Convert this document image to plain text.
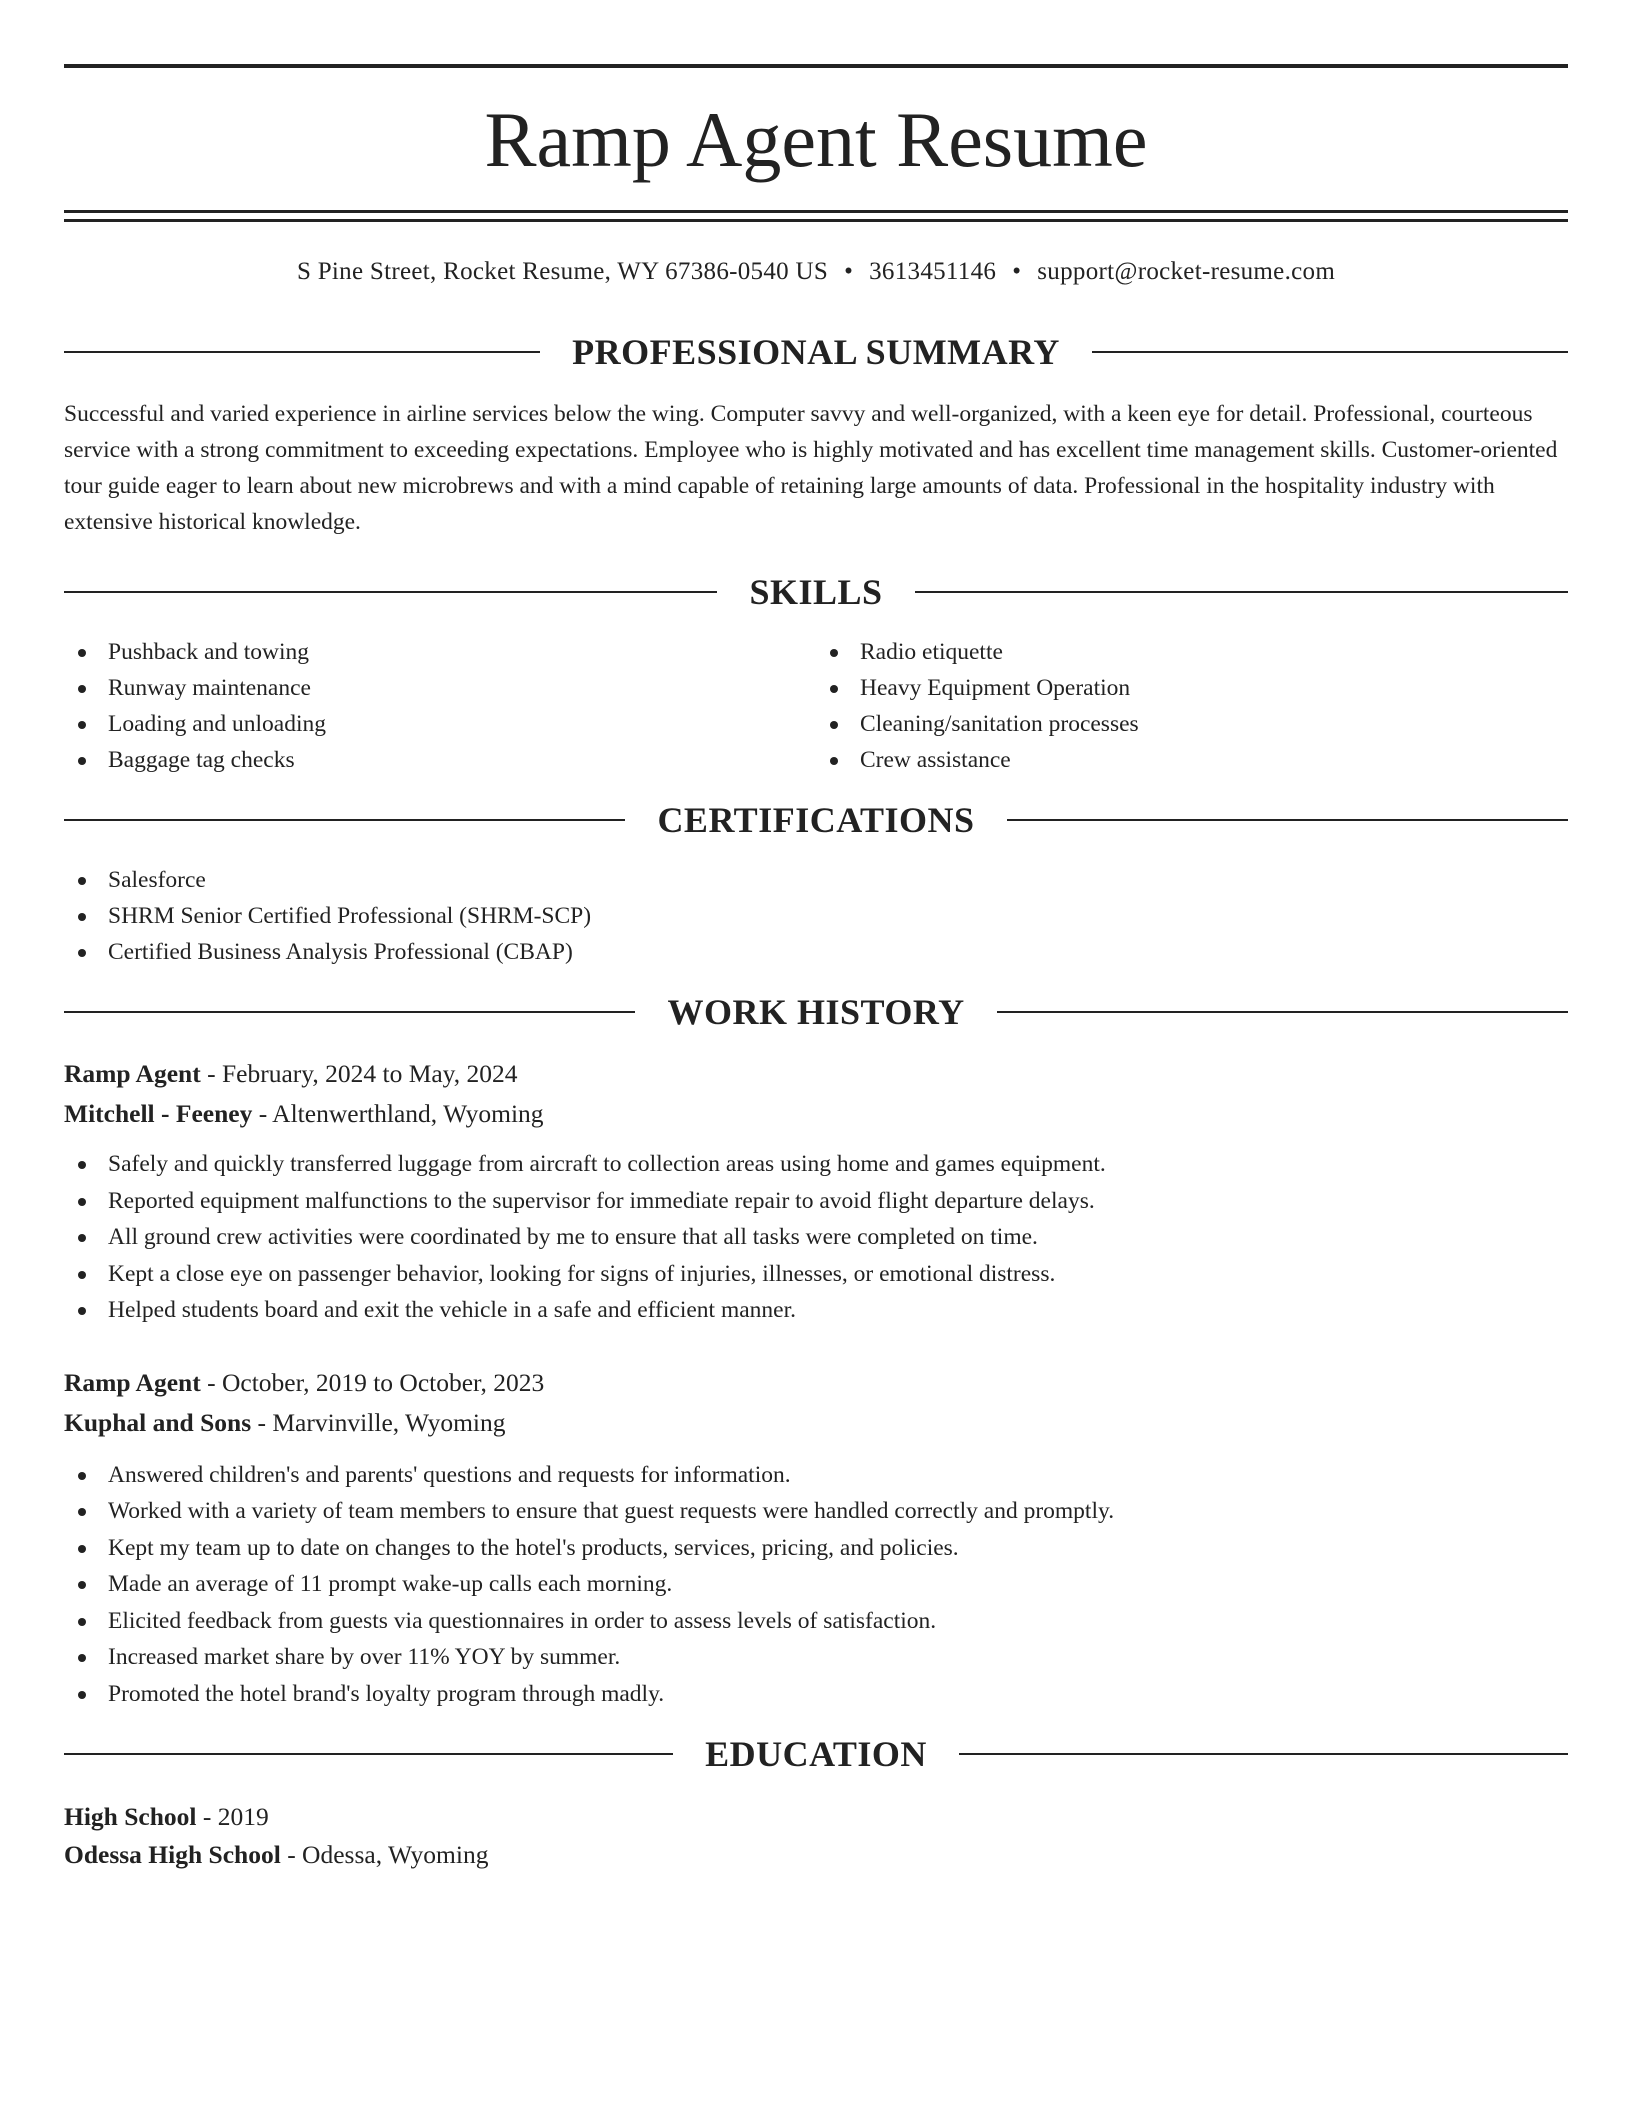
Ramp Agent Resume
S Pine Street, Rocket Resume, WY 67386-0540 US • 3613451146 • support@rocket-resume.com
PROFESSIONAL SUMMARY

Successful and varied experience in airline services below the wing. Computer savvy and well-organized, with a keen eye for detail. Professional, courteous service with a strong commitment to exceeding expectations. Employee who is highly motivated and has excellent time management skills. Customer-oriented tour guide eager to learn about new microbrews and with a mind capable of retaining large amounts of data. Professional in the hospitality industry with extensive historical knowledge.

SKILLS
Pushback and towing
Runway maintenance
Loading and unloading
Baggage tag checks
Radio etiquette
Heavy Equipment Operation
Cleaning/sanitation processes
Crew assistance
CERTIFICATIONS
Salesforce
SHRM Senior Certified Professional (SHRM-SCP)
Certified Business Analysis Professional (CBAP)
WORK HISTORY
Ramp Agent - February, 2024 to May, 2024
Mitchell - Feeney - Altenwerthland, Wyoming
Safely and quickly transferred luggage from aircraft to collection areas using home and games equipment.
Reported equipment malfunctions to the supervisor for immediate repair to avoid flight departure delays.
All ground crew activities were coordinated by me to ensure that all tasks were completed on time.
Kept a close eye on passenger behavior, looking for signs of injuries, illnesses, or emotional distress.
Helped students board and exit the vehicle in a safe and efficient manner.
Ramp Agent - October, 2019 to October, 2023
Kuphal and Sons - Marvinville, Wyoming
Answered children's and parents' questions and requests for information.
Worked with a variety of team members to ensure that guest requests were handled correctly and promptly.
Kept my team up to date on changes to the hotel's products, services, pricing, and policies.
Made an average of 11 prompt wake-up calls each morning.
Elicited feedback from guests via questionnaires in order to assess levels of satisfaction.
Increased market share by over 11% YOY by summer.
Promoted the hotel brand's loyalty program through madly.
EDUCATION
High School - 2019
Odessa High School - Odessa, Wyoming
